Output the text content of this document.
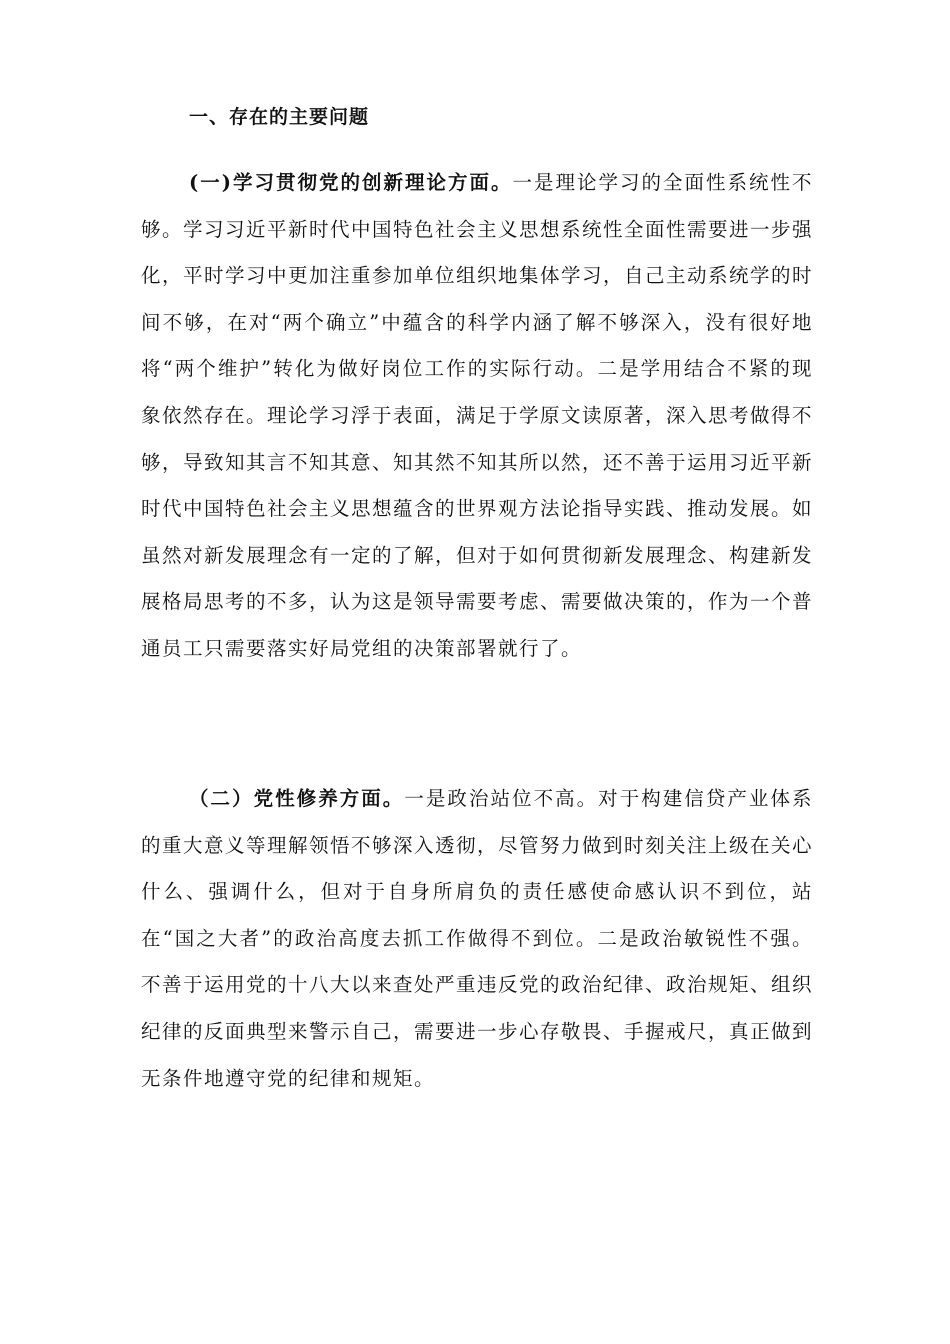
一、存在的主要问题

(一)学习贯彻党的创新理论方面。一是理论学习的全面性系统性不够。学习习近平新时代中国特色社会主义思想系统性全面性需要进一步强化，平时学习中更加注重参加单位组织地集体学习，自己主动系统学的时间不够，在对“两个确立”中蕴含的科学内涵了解不够深入，没有很好地将“两个维护”转化为做好岗位工作的实际行动。二是学用结合不紧的现象依然存在。理论学习浮于表面，满足于学原文读原著，深入思考做得不够，导致知其言不知其意、知其然不知其所以然，还不善于运用习近平新时代中国特色社会主义思想蕴含的世界观方法论指导实践、推动发展。如虽然对新发展理念有一定的了解，但对于如何贯彻新发展理念、构建新发展格局思考的不多，认为这是领导需要考虑、需要做决策的，作为一个普通员工只需要落实好局党组的决策部署就行了。

（二）党性修养方面。一是政治站位不高。对于构建信贷产业体系的重大意义等理解领悟不够深入透彻，尽管努力做到时刻关注上级在关心什么、强调什么，但对于自身所肩负的责任感使命感认识不到位，站在“国之大者”的政治高度去抓工作做得不到位。二是政治敏锐性不强。不善于运用党的十八大以来查处严重违反党的政治纪律、政治规矩、组织纪律的反面典型来警示自己，需要进一步心存敬畏、手握戒尺，真正做到无条件地遵守党的纪律和规矩。
